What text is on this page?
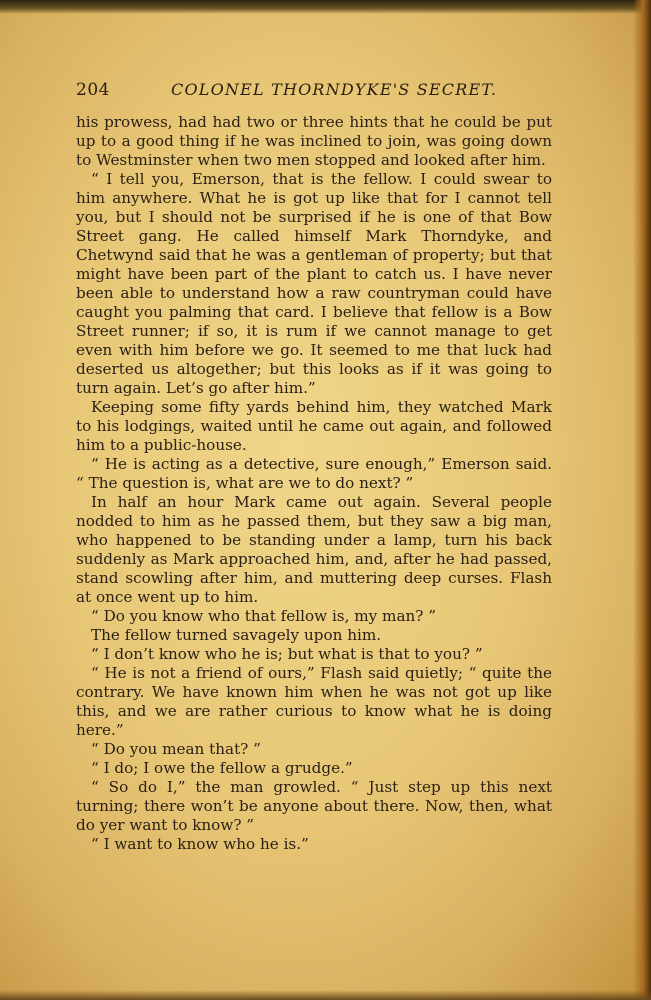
204	COLONEL THORNDYKE'S SECRET.

his prowess, had had two or three hints that he could be put up to a good thing if he was inclined to join, was going down to Westminster when two men stopped and looked after him.

“ I tell you, Emerson, that is the fellow. I could swear to him anywhere. What he is got up like that for I cannot tell you, but I should not be surprised if he is one of that Bow Street gang. He called himself Mark Thorndyke, and Chetwynd said that he was a gentleman of property; but that might have been part of the plant to catch us. I have never been able to understand how a raw countryman could have caught you palming that card. I believe that fellow is a Bow Street runner; if so, it is rum if we cannot manage to get even with him before we go. It seemed to me that luck had deserted us altogether; but this looks as if it was going to turn again. Let’s go after him.”

Keeping some fifty yards behind him, they watched Mark to his lodgings, waited until he came out again, and followed him to a public-house.

“ He is acting as a detective, sure enough,” Emerson said. “ The question is, what are we to do next? ”

In half an hour Mark came out again. Several people nodded to him as he passed them, but they saw a big man, who happened to be standing under a lamp, turn his back suddenly as Mark approached him, and, after he had passed, stand scowling after him, and muttering deep curses. Flash at once went up to him.

“ Do you know who that fellow is, my man? ”

The fellow turned savagely upon him.

“ I don’t know who he is; but what is that to you? ”

“ He is not a friend of ours,” Flash said quietly; “ quite the contrary. We have known him when he was not got up like this, and we are rather curious to know what he is doing here.”

“ Do you mean that? ”

“ I do; I owe the fellow a grudge.”

“ So do I,” the man growled. “ Just step up this next turning; there won’t be anyone about there. Now, then, what do yer want to know? ”

“ I want to know who he is.”
